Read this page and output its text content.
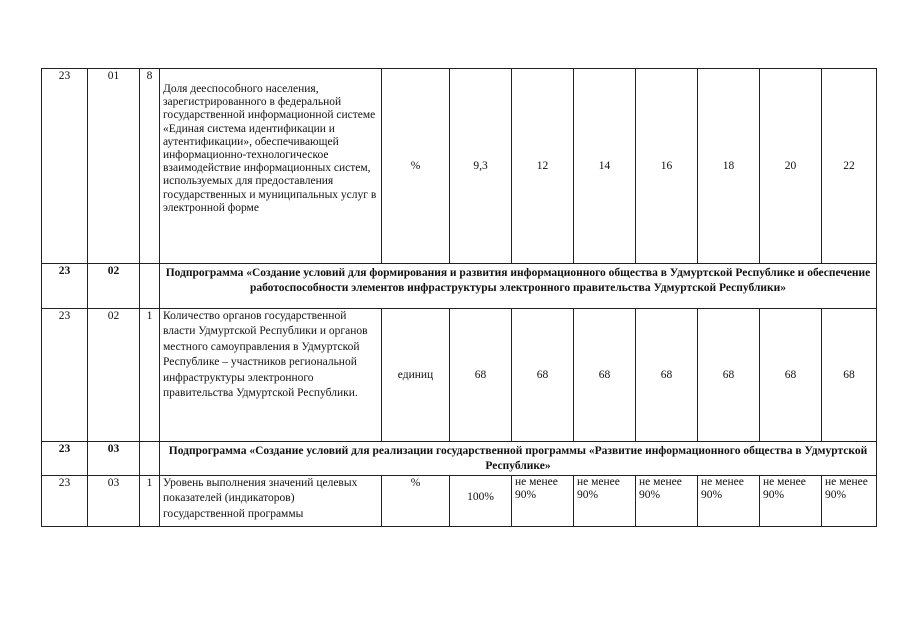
23	01	8	Доля дееспособного населения, зарегистрированного в федеральной государственной информационной системе «Единая система идентификации и аутентификации», обеспечивающей информационно-технологическое взаимодействие информационных систем, используемых для предоставления государственных и муниципальных услуг в электронной форме	%	9,3	12	14	16	18	20	22
23	02		Подпрограмма «Создание условий для формирования и развития информационного общества в Удмуртской Республике и обеспечение работоспособности элементов инфраструктуры электронного правительства Удмуртской Республики»								
23	02	1	Количество органов государственной власти Удмуртской Республики и органов местного самоуправления в Удмуртской Республике – участников региональной инфраструктуры электронного правительства Удмуртской Республики.	единиц	68	68	68	68	68	68	68
23	03		Подпрограмма «Создание условий для реализации государственной программы «Развитие информационного общества в Удмуртской Республике»								
23	03	1	Уровень выполнения значений целевых показателей (индикаторов) государственной программы	%	100%	не менее 90%	не менее 90%	не менее 90%	не менее 90%	не менее 90%	не менее 90%
